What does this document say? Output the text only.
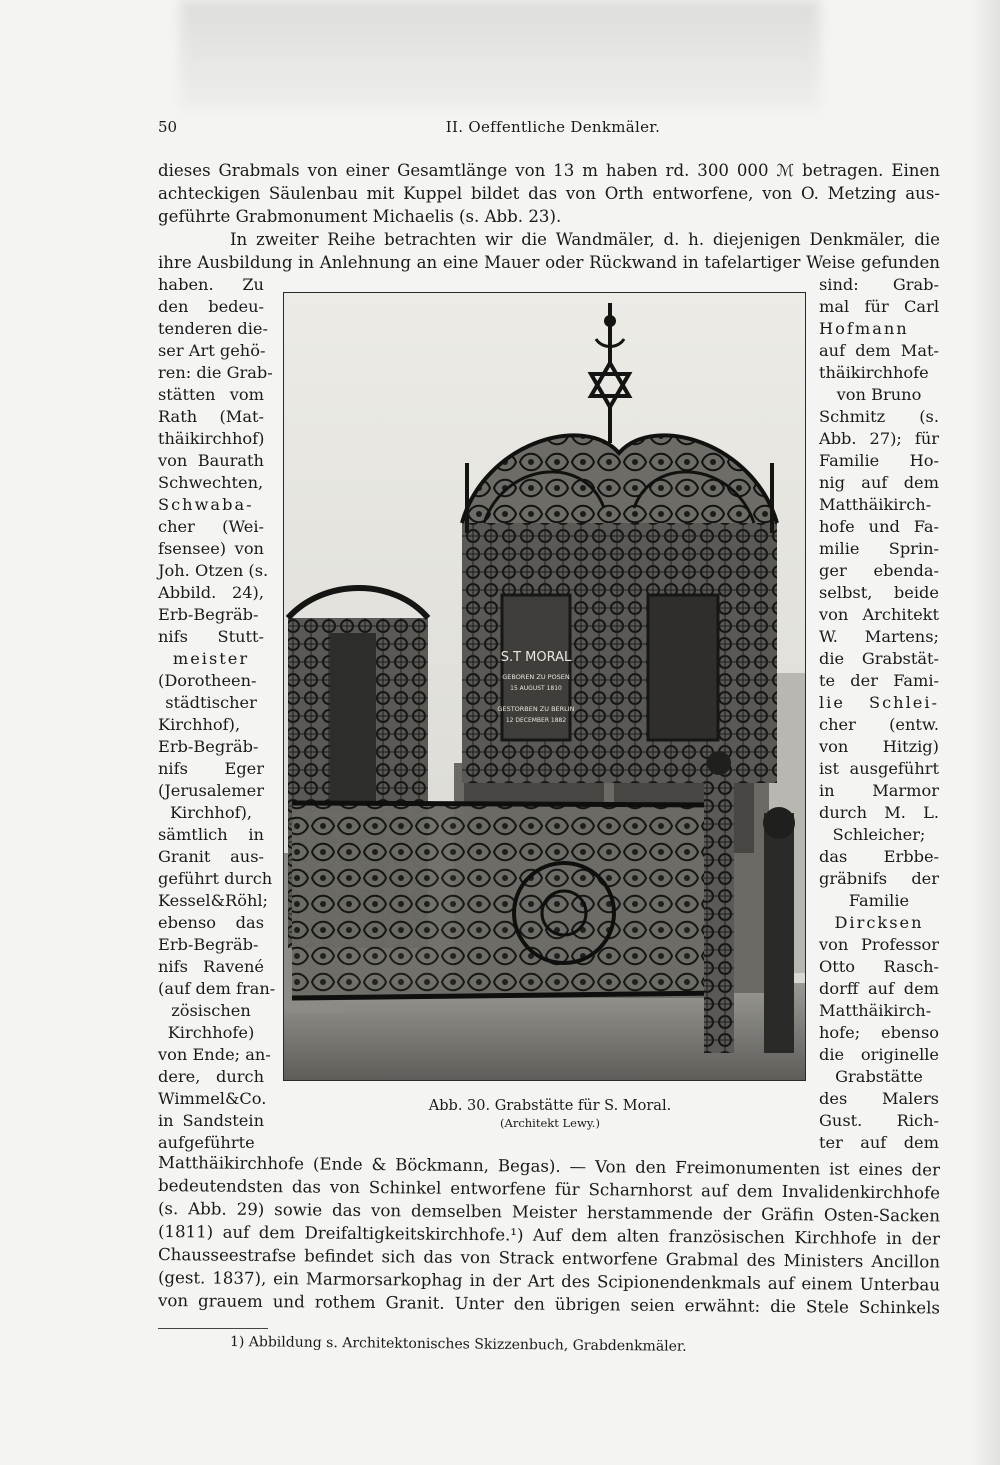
50	II. Oeffentliche Denkmäler.
dieses Grabmals von einer Gesamtlänge von 13 m haben rd. 300 000 ℳ betragen. Einen
achteckigen Säulenbau mit Kuppel bildet das von Orth entworfene, von O. Metzing aus-
geführte Grabmonument Michaelis (s. Abb. 23).
In zweiter Reihe betrachten wir die Wandmäler, d. h. diejenigen Denkmäler, die
ihre Ausbildung in Anlehnung an eine Mauer oder Rückwand in tafelartiger Weise gefunden
haben. Zu
den bedeu-
tenderen die-
ser Art gehö-
ren: die Grab-
stätten vom
Rath (Mat-
thäikirchhof)
von Baurath
Schwechten,
Schwaba-
cher (Wei-
fsensee) von
Joh. Otzen (s.
Abbild. 24),
Erb-Begräb-
nifs Stutt-
meister
(Dorotheen-
städtischer
Kirchhof),
Erb-Begräb-
nifs Eger
(Jerusalemer
Kirchhof),
sämtlich in
Granit aus-
geführt durch
Kessel&Röhl;
ebenso das
Erb-Begräb-
nifs Ravené
(auf dem fran-
zösischen
Kirchhofe)
von Ende; an-
dere, durch
Wimmel&Co.
in Sandstein
aufgeführte
sind: Grab-
mal für Carl
Hofmann
auf dem Mat-
thäikirchhofe
von Bruno
Schmitz (s.
Abb. 27); für
Familie Ho-
nig auf dem
Matthäikirch-
hofe und Fa-
milie Sprin-
ger ebenda-
selbst, beide
von Architekt
W. Martens;
die Grabstät-
te der Fami-
lie Schlei-
cher (entw.
von Hitzig)
ist ausgeführt
in Marmor
durch M. L.
Schleicher;
das Erbbe-
gräbnifs der
Familie
Dircksen
von Professor
Otto Rasch-
dorff auf dem
Matthäikirch-
hofe; ebenso
die originelle
Grabstätte
des Malers
Gust. Rich-
ter auf dem
S.T MORAL
GEBOREN ZU POSEN
15 AUGUST 1810
GESTORBEN ZU BERLIN
12 DECEMBER 1882
Abb. 30. Grabstätte für S. Moral.
(Architekt Lewy.)
Matthäikirchhofe (Ende & Böckmann, Begas). — Von den Freimonumenten ist eines der
bedeutendsten das von Schinkel entworfene für Scharnhorst auf dem Invalidenkirchhofe
(s. Abb. 29) sowie das von demselben Meister herstammende der Gräfin Osten-Sacken
(1811) auf dem Dreifaltigkeitskirchhofe.¹) Auf dem alten französischen Kirchhofe in der
Chausseestrafse befindet sich das von Strack entworfene Grabmal des Ministers Ancillon
(gest. 1837), ein Marmorsarkophag in der Art des Scipionendenkmals auf einem Unterbau
von grauem und rothem Granit. Unter den übrigen seien erwähnt: die Stele Schinkels
1) Abbildung s. Architektonisches Skizzenbuch, Grabdenkmäler.
